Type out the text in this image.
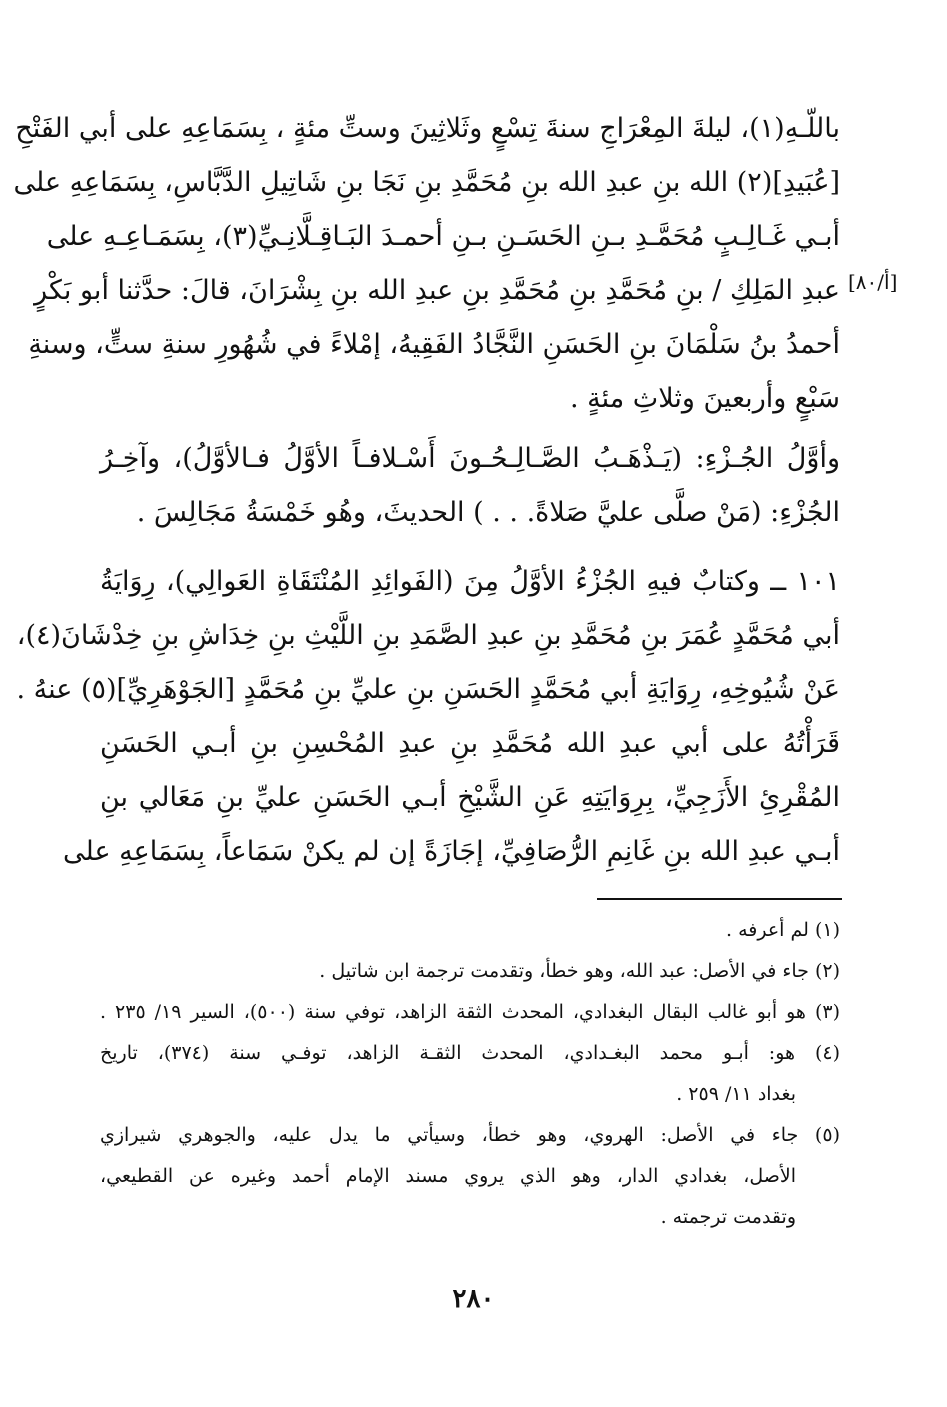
[۸۰/أ]
باللّـهِ(١)، ليلةَ المِعْرَاجِ سنةَ تِسْعٍ وثَلاثِينَ وستِّ مئةٍ ، بِسَمَاعِهِ على أبي الفَتْحِ
[عُبَيدِ](٢) الله بنِ عبدِ الله بنِ مُحَمَّدِ بنِ نَجَا بنِ شَاتِيلِ الدَّبَّاسِ، بِسَمَاعِهِ على
أبـي غَـالِـبٍ مُحَمَّـدِ بـنِ الحَسَـنِ بـنِ أحمـدَ البَـاقِـلَّانِـيِّ(٣)، بِسَمَـاعِـهِ على
عبدِ المَلِكِ / بنِ مُحَمَّدِ بنِ مُحَمَّدِ بنِ عبدِ الله بنِ بِشْرَانَ، قالَ: حدَّثنا أبو بَكْرٍ
أحمدُ بنُ سَلْمَانَ بنِ الحَسَنِ النَّجَّادُ الفَقِيهُ، إمْلاءً في شُهُورِ سنةِ ستٍّ، وسنةِ
سَبْعٍ وأربعينَ وثلاثِ مئةٍ .
وأوَّلُ الجُـزْءِ: (يَـذْهَـبُ الصَّـالِـحُـونَ أَسْـلافـاً الأوَّلُ فـالأوَّلُ)، وآخِـرُ
الجُزْءِ: (مَنْ صلَّى عليَّ صَلاةً. . . ) الحديثَ، وهُو خَمْسَةُ مَجَالِسَ .
١٠١ ــ وكتابٌ فيهِ الجُزْءُ الأوَّلُ مِنَ (الفَوائِدِ المُنْتَقَاةِ العَوالِي)، رِوَايَةُ
أبي مُحَمَّدٍ عُمَرَ بنِ مُحَمَّدِ بنِ عبدِ الصَّمَدِ بنِ اللَّيْثِ بنِ خِدَاشِ بنِ خِدْشَانَ(٤)،
عَنْ شُيُوخِهِ، رِوَايَةِ أبي مُحَمَّدٍ الحَسَنِ بنِ عليِّ بنِ مُحَمَّدٍ [الجَوْهَرِيِّ](٥) عنهُ .
قَرَأْتُهُ على أبي عبدِ الله مُحَمَّدِ بنِ عبدِ المُحْسِنِ بنِ أبـي الحَسَنِ
المُقْرِئِ الأَزَجِيِّ، بِرِوَايَتِهِ عَنِ الشَّيْخِ أبـي الحَسَنِ عليِّ بنِ مَعَالي بنِ
أبـي عبدِ الله بنِ غَانِمِ الرُّصَافِيِّ، إجَازَةً إن لم يكنْ سَمَاعاً، بِسَمَاعِهِ على
(١) لم أعرفه .
(٢) جاء في الأصل: عبد الله، وهو خطأ، وتقدمت ترجمة ابن شاتيل .
(٣) هو أبو غالب البقال البغدادي، المحدث الثقة الزاهد، توفي سنة (٥٠٠)، السير ١٩/ ٢٣٥ .
(٤) هو: أبـو محمد البغـدادي، المحدث الثقـة الزاهد، توفـي سنة (٣٧٤)، تاريخ
بغداد ١١/ ٢٥٩ .
(٥) جاء في الأصل: الهروي، وهو خطأ، وسيأتي ما يدل عليه، والجوهري شيرازي
الأصل، بغدادي الدار، وهو الذي يروي مسند الإمام أحمد وغيره عن القطيعي،
وتقدمت ترجمته .
٢٨٠
